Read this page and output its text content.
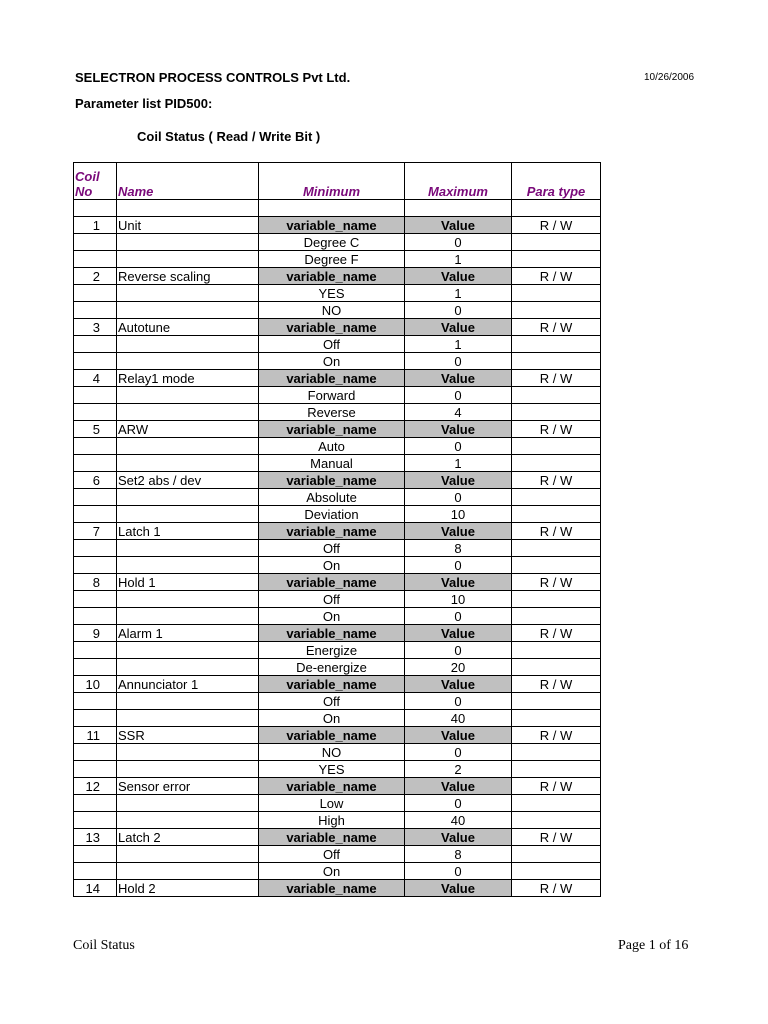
SELECTRON PROCESS CONTROLS Pvt Ltd.	10/26/2006
Parameter list PID500:
Coil Status ( Read / Write Bit )
Coil
No	Name	Minimum	Maximum	Para type

1	Unit	variable_name	Value	R / W
		Degree C	0	
		Degree F	1	
2	Reverse scaling	variable_name	Value	R / W
		YES	1	
		NO	0	
3	Autotune	variable_name	Value	R / W
		Off	1	
		On	0	
4	Relay1 mode	variable_name	Value	R / W
		Forward	0	
		Reverse	4	
5	ARW	variable_name	Value	R / W
		Auto	0	
		Manual	1	
6	Set2 abs / dev	variable_name	Value	R / W
		Absolute	0	
		Deviation	10	
7	Latch 1	variable_name	Value	R / W
		Off	8	
		On	0	
8	Hold 1	variable_name	Value	R / W
		Off	10	
		On	0	
9	Alarm 1	variable_name	Value	R / W
		Energize	0	
		De-energize	20	
10	Annunciator 1	variable_name	Value	R / W
		Off	0	
		On	40	
11	SSR	variable_name	Value	R / W
		NO	0	
		YES	2	
12	Sensor error	variable_name	Value	R / W
		Low	0	
		High	40	
13	Latch 2	variable_name	Value	R / W
		Off	8	
		On	0	
14	Hold 2	variable_name	Value	R / W
Coil Status	Page 1 of 16
